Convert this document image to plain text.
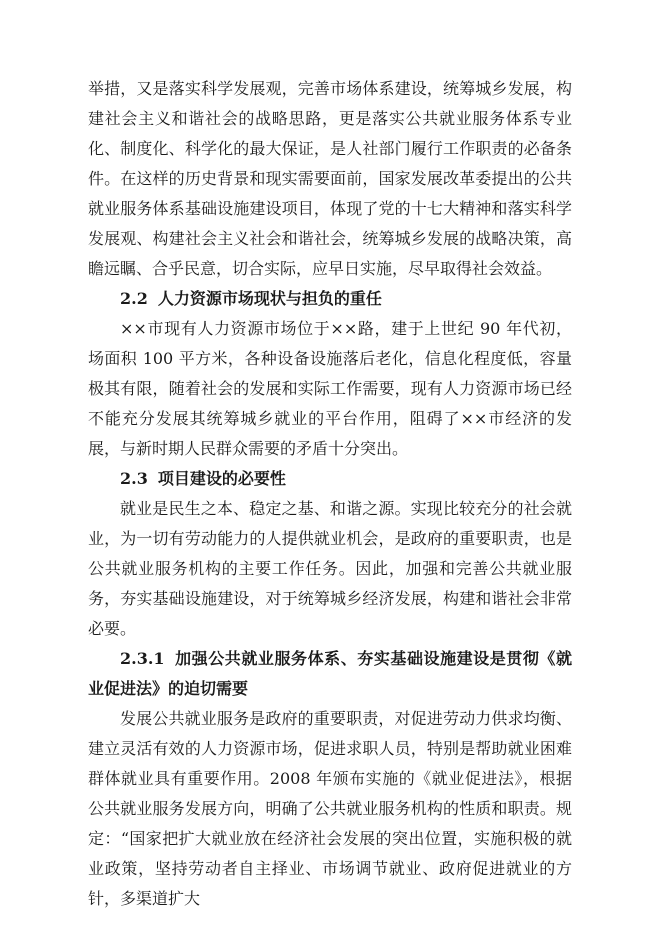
举措，又是落实科学发展观，完善市场体系建设，统筹城乡发展，构建社会主义和谐社会的战略思路，更是落实公共就业服务体系专业化、制度化、科学化的最大保证，是人社部门履行工作职责的必备条件。在这样的历史背景和现实需要面前，国家发展改革委提出的公共就业服务体系基础设施建设项目，体现了党的十七大精神和落实科学发展观、构建社会主义社会和谐社会，统筹城乡发展的战略决策，高瞻远瞩、合乎民意，切合实际，应早日实施，尽早取得社会效益。

2.2 人力资源市场现状与担负的重任

××市现有人力资源市场位于××路，建于上世纪 90 年代初，场面积 100 平方米，各种设备设施落后老化，信息化程度低，容量极其有限，随着社会的发展和实际工作需要，现有人力资源市场已经不能充分发展其统筹城乡就业的平台作用，阻碍了××市经济的发展，与新时期人民群众需要的矛盾十分突出。

2.3 项目建设的必要性

就业是民生之本、稳定之基、和谐之源。实现比较充分的社会就业，为一切有劳动能力的人提供就业机会，是政府的重要职责，也是公共就业服务机构的主要工作任务。因此，加强和完善公共就业服务，夯实基础设施建设，对于统筹城乡经济发展，构建和谐社会非常必要。

2.3.1 加强公共就业服务体系、夯实基础设施建设是贯彻《就业促进法》的迫切需要

发展公共就业服务是政府的重要职责，对促进劳动力供求均衡、建立灵活有效的人力资源市场，促进求职人员，特别是帮助就业困难群体就业具有重要作用。2008 年颁布实施的《就业促进法》，根据公共就业服务发展方向，明确了公共就业服务机构的性质和职责。规定：“国家把扩大就业放在经济社会发展的突出位置，实施积极的就业政策，坚持劳动者自主择业、市场调节就业、政府促进就业的方针，多渠道扩大
